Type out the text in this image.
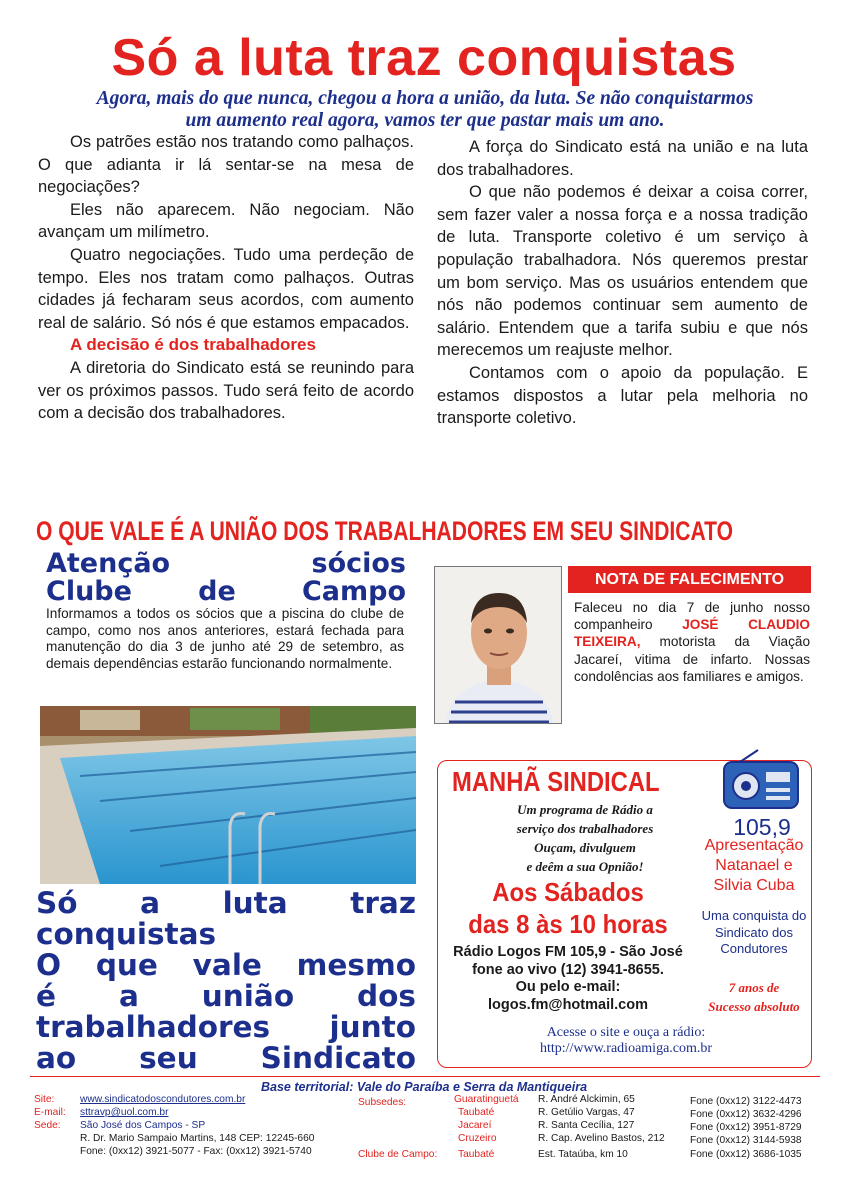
Só a luta traz conquistas
Agora, mais do que nunca, chegou a hora a união, da luta. Se não conquistarmos
um aumento real agora, vamos ter que pastar mais um ano.

Os patrões estão nos tratando como palhaços. O que adianta ir lá sentar-se na mesa de negociações?

Eles não aparecem. Não negociam. Não avançam um milímetro.

Quatro negociações. Tudo uma perdeção de tempo. Eles nos tratam como palhaços. Outras cidades já fecharam seus acordos, com aumento real de salário. Só nós é que estamos empacados.

A decisão é dos trabalhadores

A diretoria do Sindicato está se reunindo para ver os próximos passos. Tudo será feito de acordo com a decisão dos trabalhadores.

A força do Sindicato está na união e na luta dos trabalhadores.

O que não podemos é deixar a coisa correr, sem fazer valer a nossa força e a nossa tradição de luta. Transporte coletivo é um serviço à população trabalhadora. Nós queremos prestar um bom serviço. Mas os usuários entendem que nós não podemos continuar sem aumento de salário. Entendem que a tarifa subiu e que nós merecemos um reajuste melhor.

Contamos com o apoio da população. E estamos dispostos a lutar pela melhoria no transporte coletivo.

O QUE VALE É A UNIÃO DOS TRABALHADORES EM SEU SINDICATO
Atenção sócios
Clube de Campo
Informamos a todos os sócios que a piscina do clube de campo, como nos anos anteriores, estará fechada para manutenção do dia 3 de junho até 29 de setembro, as demais dependências estarão funcionando normalmente.
Só a luta traz
conquistas
O que vale mesmo
é a união dos
trabalhadores junto
ao seu Sindicato
NOTA DE FALECIMENTO
Faleceu no dia 7 de junho nosso companheiro JOSÉ CLAUDIO TEIXEIRA, motorista da Viação Jacareí, vitima de infarto. Nossas condolências aos familiares e amigos.
MANHÃ SINDICAL
105,9
Um programa de Rádio a
serviço dos trabalhadores
Ouçam, divulguem
e deêm a sua Opnião!
Aos Sábados
das 8 às 10 horas
Rádio Logos FM 105,9 - São José
fone ao vivo (12) 3941-8655.
Ou pelo e-mail:
logos.fm@hotmail.com
Apresentação
Natanael e
Silvia Cuba
Uma conquista do
Sindicato dos
Condutores
7 anos de
Sucesso absoluto
Acesse o site e ouça a rádio:
http://www.radioamiga.com.br
Base territorial: Vale do Paraíba e Serra da Mantiqueira
Site:	www.sindicatodoscondutores.com.br
E-mail: sttravp@uol.com.br
Sede: São José dos Campos - SP
R. Dr. Mario Sampaio Martins, 148 CEP: 12245-660
Fone: (0xx12) 3921-5077 - Fax: (0xx12) 3921-5740
Subsedes:
Clube de Campo:
Guaratinguetá
Taubaté
Jacareí
Cruzeiro
Taubaté
R. André Alckimin, 65
R. Getúlio Vargas, 47
R. Santa Cecília, 127
R. Cap. Avelino Bastos, 212
Est. Tataúba, km 10
Fone (0xx12) 3122-4473
Fone (0xx12) 3632-4296
Fone (0xx12) 3951-8729
Fone (0xx12) 3144-5938
Fone (0xx12) 3686-1035
